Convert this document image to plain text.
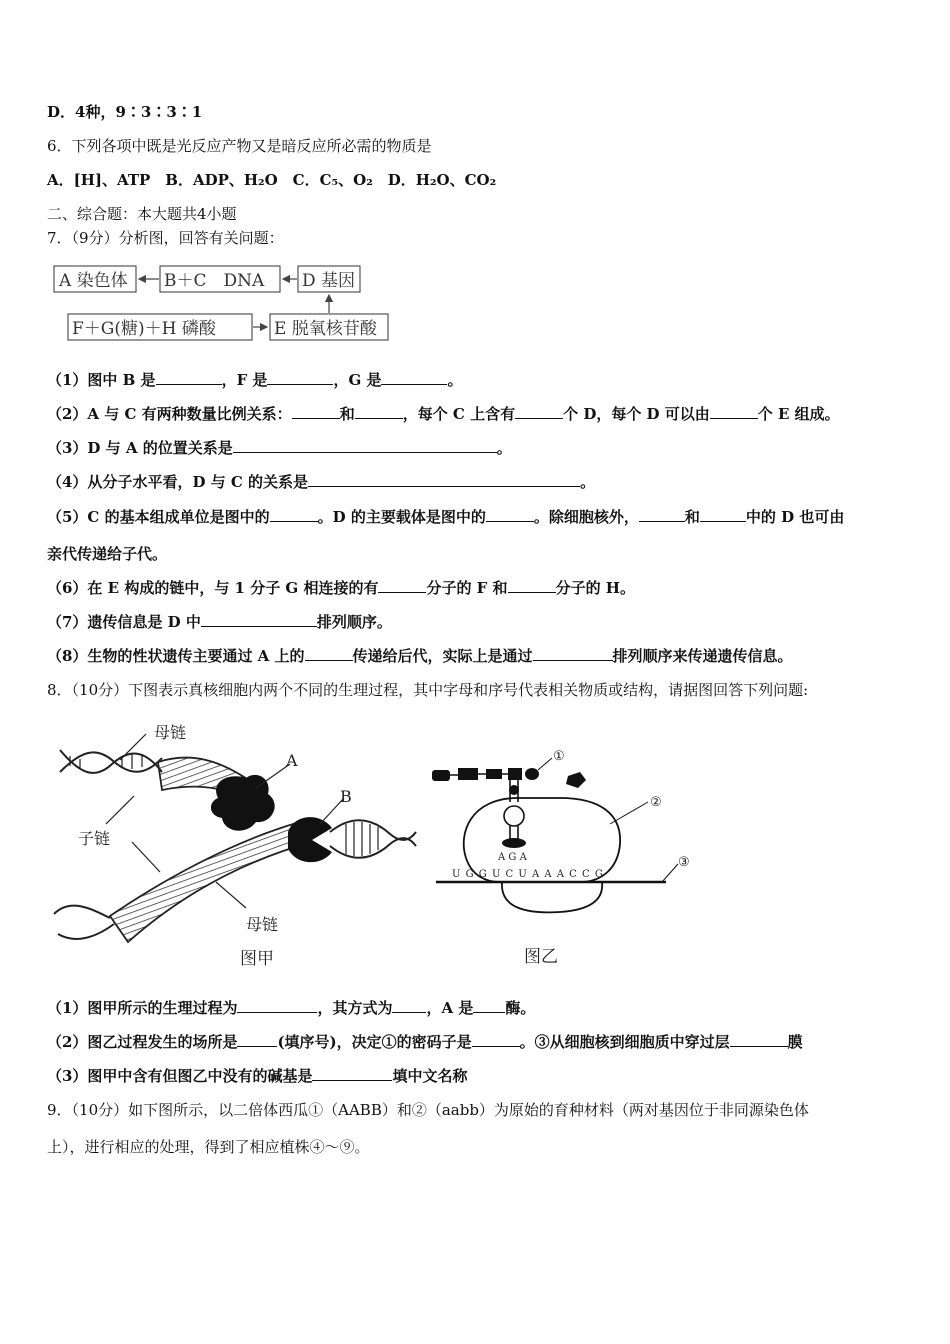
D．4种，9∶3∶3∶1
6．下列各项中既是光反应产物又是暗反应所必需的物质是
A．[H]、ATP　B．ADP、H₂O　C．C₅、O₂　D．H₂O、CO₂
二、综合题：本大题共4小题
7．（9分）分析图，回答有关问题：
A 染色体 B＋C　DNA D 基因
F＋G(糖)＋H 磷酸	E 脱氧核苷酸
（1）图中 B 是	，F 是	，G 是	。
（2）A 与 C 有两种数量比例关系：	和	，每个 C 上含有	个 D，每个 D 可以由	个 E 组成。
（3）D 与 A 的位置关系是	。
（4）从分子水平看，D 与 C 的关系是	。
（5）C 的基本组成单位是图中的	。D 的主要载体是图中的	。除细胞核外，	和	中的 D 也可由
亲代传递给子代。
（6）在 E 构成的链中，与 1 分子 G 相连接的有	分子的 F 和	分子的 H。
（7）遗传信息是 D 中	排列顺序。
（8）生物的性状遗传主要通过 A 上的	传递给后代，实际上是通过	排列顺序来传递遗传信息。
8．（10分）下图表示真核细胞内两个不同的生理过程，其中字母和序号代表相关物质或结构，请据图回答下列问题:
母链
A
B
子链
母链
图甲
①
②
③
A G A
U G G U C U A A A C C G
图乙
（1）图甲所示的生理过程为	，其方式为 ，A 是 酶。
（2）图乙过程发生的场所是	(填序号)，决定①的密码子是	。③从细胞核到细胞质中穿过层	膜
（3）图甲中含有但图乙中没有的碱基是	填中文名称
9．（10分）如下图所示，以二倍体西瓜①（AABB）和②（aabb）为原始的育种材料（两对基因位于非同源染色体
上），进行相应的处理，得到了相应植株④～⑨。
